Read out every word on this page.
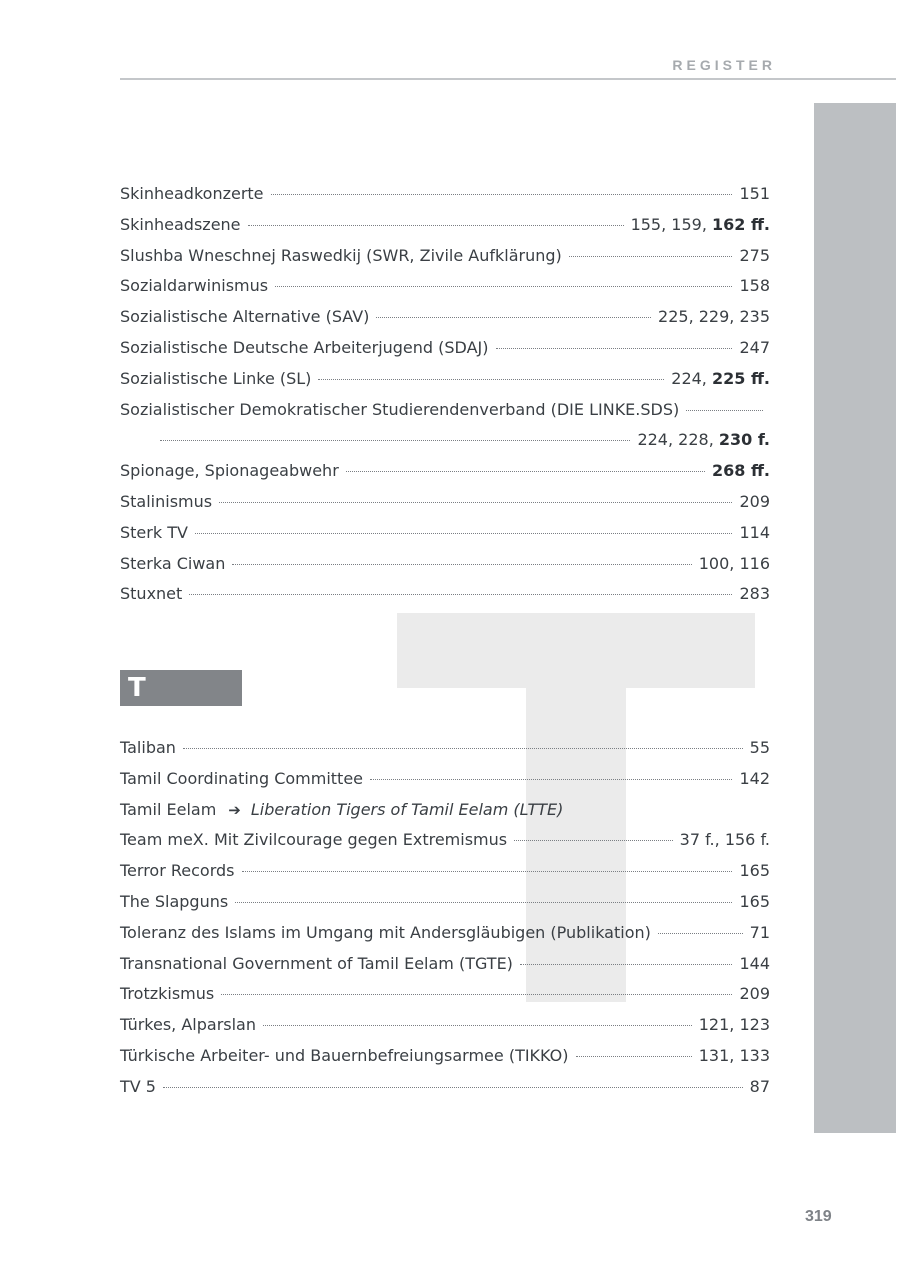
REGISTER
Skinheadkonzerte	151
Skinheadszene	155, 159, 162 ff.
Slushba Wneschnej Raswedkij (SWR, Zivile Aufklärung)	275
Sozialdarwinismus	158
Sozialistische Alternative (SAV)	225, 229, 235
Sozialistische Deutsche Arbeiterjugend (SDAJ)	247
Sozialistische Linke (SL)	224, 225 ff.
Sozialistischer Demokratischer Studierendenverband (DIE LINKE.SDS)
224, 228, 230 f.
Spionage, Spionageabwehr	268 ff.
Stalinismus	209
Sterk TV	114
Sterka Ciwan	100, 116
Stuxnet	283
T
Taliban	55
Tamil Coordinating Committee	142
Tamil Eelam ➔ Liberation Tigers of Tamil Eelam (LTTE)
Team meX. Mit Zivilcourage gegen Extremismus	37 f., 156 f.
Terror Records	165
The Slapguns	165
Toleranz des Islams im Umgang mit Andersgläubigen (Publikation)	71
Transnational Government of Tamil Eelam (TGTE)	144
Trotzkismus	209
Türkes, Alparslan	121, 123
Türkische Arbeiter- und Bauernbefreiungsarmee (TIKKO)	131, 133
TV 5	87
319
